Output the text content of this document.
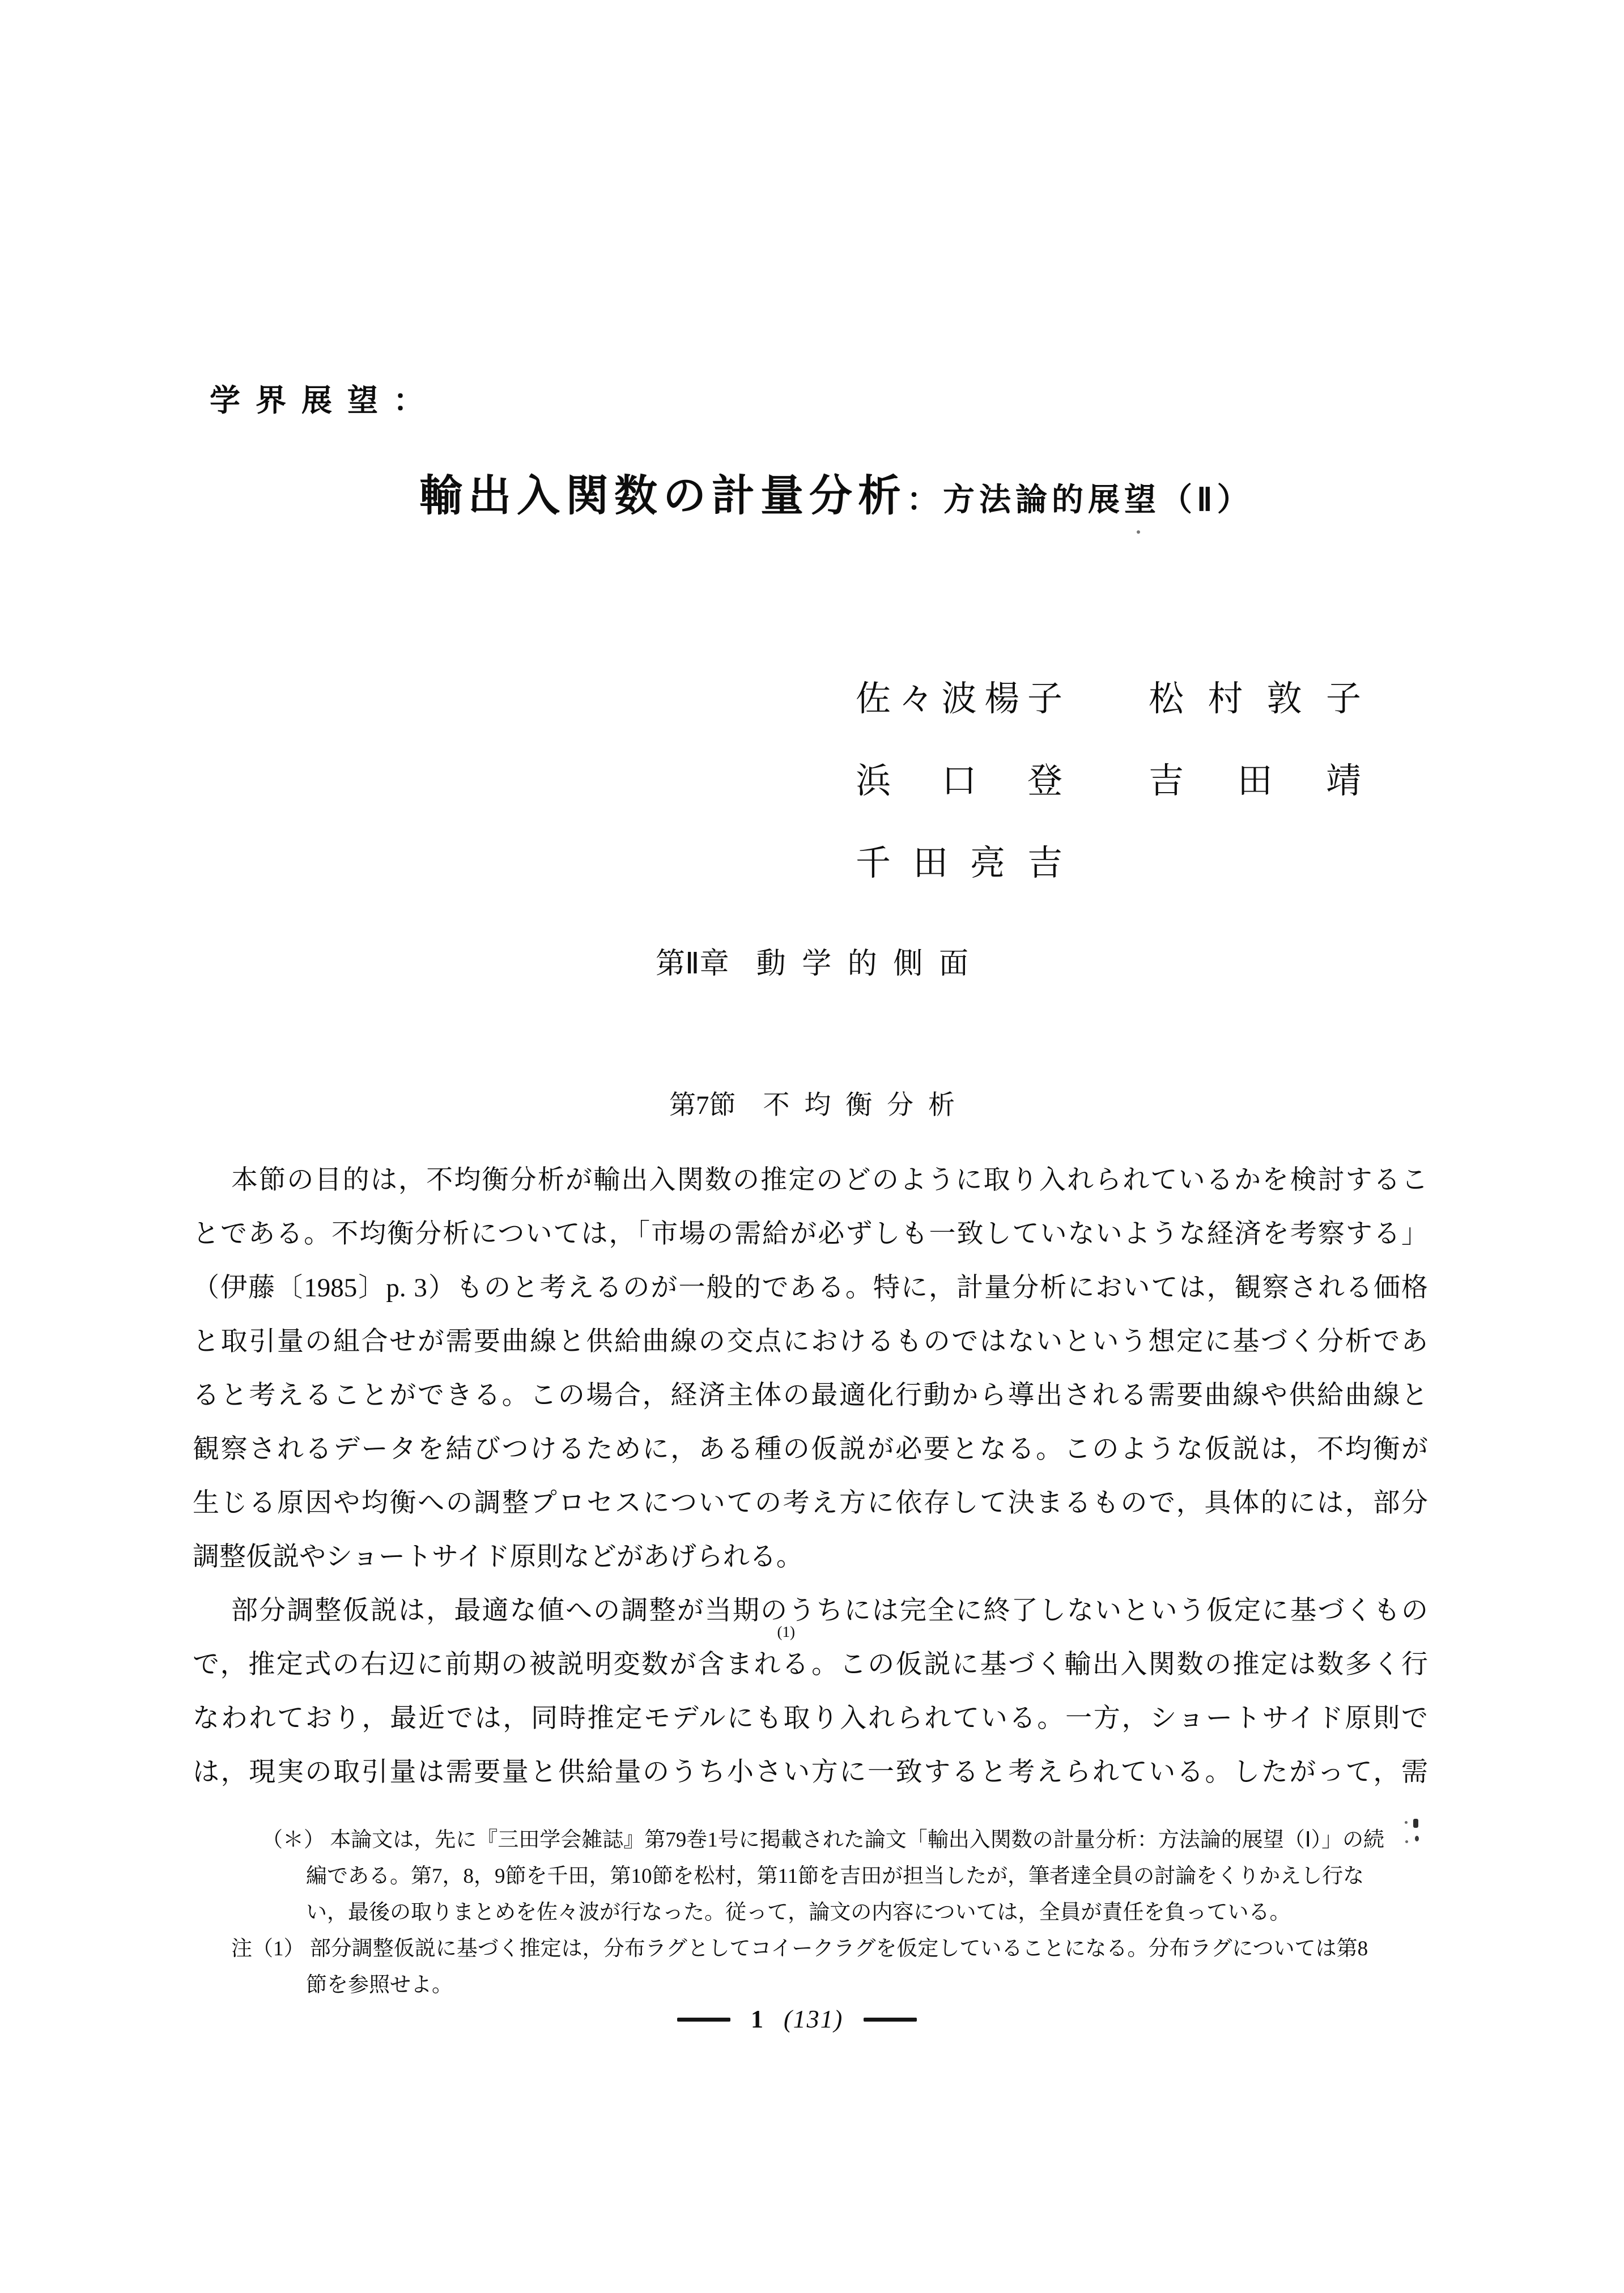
学界展望：
輸出入関数の計量分析：方法論的展望（Ⅱ）
佐々波楊子 松村敦子
浜口登 吉田靖
千田亮吉
第Ⅱ章 動学的側面
第7節 不均衡分析
本節の目的は，不均衡分析が輸出入関数の推定のどのように取り入れられているかを検討するこ
とである。不均衡分析については，「市場の需給が必ずしも一致していないような経済を考察する」
（伊藤〔1985〕p. 3）ものと考えるのが一般的である。特に，計量分析においては，観察される価格
と取引量の組合せが需要曲線と供給曲線の交点におけるものではないという想定に基づく分析であ
ると考えることができる。この場合，経済主体の最適化行動から導出される需要曲線や供給曲線と
観察されるデータを結びつけるために，ある種の仮説が必要となる。このような仮説は，不均衡が
生じる原因や均衡への調整プロセスについての考え方に依存して決まるもので，具体的には，部分
調整仮説やショートサイド原則などがあげられる。
部分調整仮説は，最適な値への調整が当期のうちには完全に終了しないという仮定に基づくもの
で，推定式の右辺に前期の被説明変数が含まれる
(1)
。この仮説に基づく輸出入関数の推定は数多く行
なわれており，最近では，同時推定モデルにも取り入れられている。一方，ショートサイド原則で
は，現実の取引量は需要量と供給量のうち小さい方に一致すると考えられている。したがって，需
（＊） 本論文は，先に『三田学会雑誌』第79巻1号に掲載された論文「輸出入関数の計量分析：方法論的展望（Ⅰ）」の続
編である。第7，8，9節を千田，第10節を松村，第11節を吉田が担当したが，筆者達全員の討論をくりかえし行な
い，最後の取りまとめを佐々波が行なった。従って，論文の内容については，全員が責任を負っている。
注（1） 部分調整仮説に基づく推定は，分布ラグとしてコイークラグを仮定していることになる。分布ラグについては第8
節を参照せよ。
1 (131)
